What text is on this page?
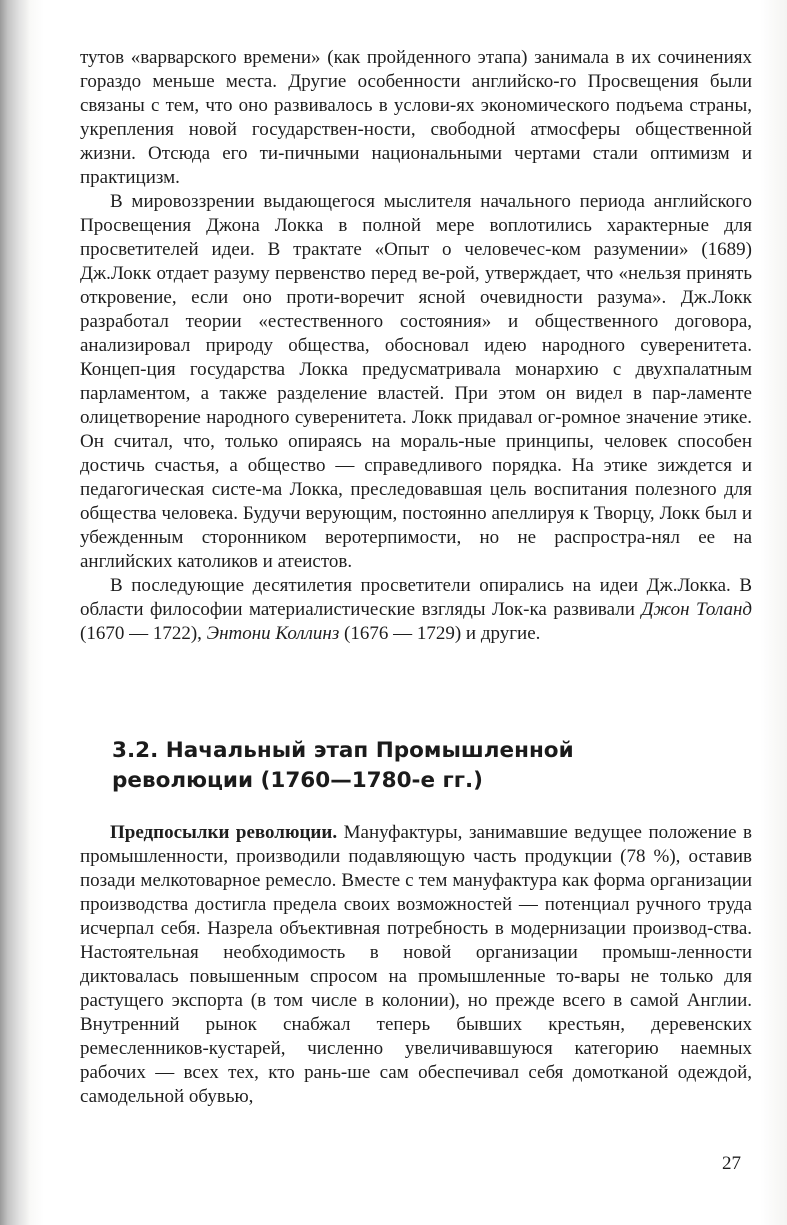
тутов «варварского времени» (как пройденного этапа) занимала в их сочинениях гораздо меньше места. Другие особенности английско-го Просвещения были связаны с тем, что оно развивалось в услови-ях экономического подъема страны, укрепления новой государствен-ности, свободной атмосферы общественной жизни. Отсюда его ти-пичными национальными чертами стали оптимизм и практицизм.

В мировоззрении выдающегося мыслителя начального периода английского Просвещения Джона Локка в полной мере воплотились характерные для просветителей идеи. В трактате «Опыт о человечес-ком разумении» (1689) Дж.Локк отдает разуму первенство перед ве-рой, утверждает, что «нельзя принять откровение, если оно проти-воречит ясной очевидности разума». Дж.Локк разработал теории «естественного состояния» и общественного договора, анализировал природу общества, обосновал идею народного суверенитета. Концеп-ция государства Локка предусматривала монархию с двухпалатным парламентом, а также разделение властей. При этом он видел в пар-ламенте олицетворение народного суверенитета. Локк придавал ог-ромное значение этике. Он считал, что, только опираясь на мораль-ные принципы, человек способен достичь счастья, а общество — справедливого порядка. На этике зиждется и педагогическая систе-ма Локка, преследовавшая цель воспитания полезного для общества человека. Будучи верующим, постоянно апеллируя к Творцу, Локк был и убежденным сторонником веротерпимости, но не распростра-нял ее на английских католиков и атеистов.

В последующие десятилетия просветители опирались на идеи Дж.Локка. В области философии материалистические взгляды Лок-ка развивали Джон Толанд (1670 — 1722), Энтони Коллинз (1676 — 1729) и другие.

3.2. Начальный этап Промышленной
революции (1760—1780-е гг.)

Предпосылки революции. Мануфактуры, занимавшие ведущее положение в промышленности, производили подавляющую часть продукции (78 %), оставив позади мелкотоварное ремесло. Вместе с тем мануфактура как форма организации производства достигла предела своих возможностей — потенциал ручного труда исчерпал себя. Назрела объективная потребность в модернизации производ-ства. Настоятельная необходимость в новой организации промыш-ленности диктовалась повышенным спросом на промышленные то-вары не только для растущего экспорта (в том числе в колонии), но прежде всего в самой Англии. Внутренний рынок снабжал теперь бывших крестьян, деревенских ремесленников-кустарей, численно увеличивавшуюся категорию наемных рабочих — всех тех, кто рань-ше сам обеспечивал себя домотканой одеждой, самодельной обувью,

27
